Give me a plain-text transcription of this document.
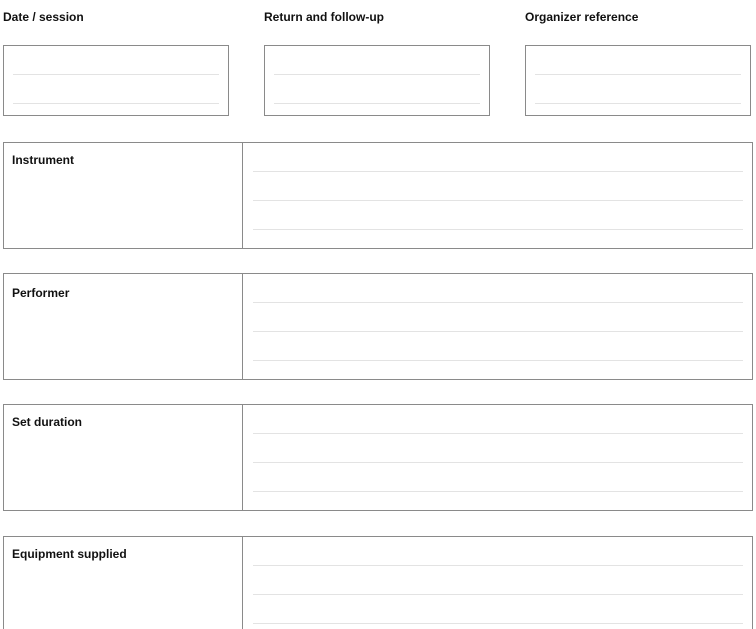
Date / session	Return and follow-up	Organizer reference
Instrument
Performer
Set duration
Equipment supplied
